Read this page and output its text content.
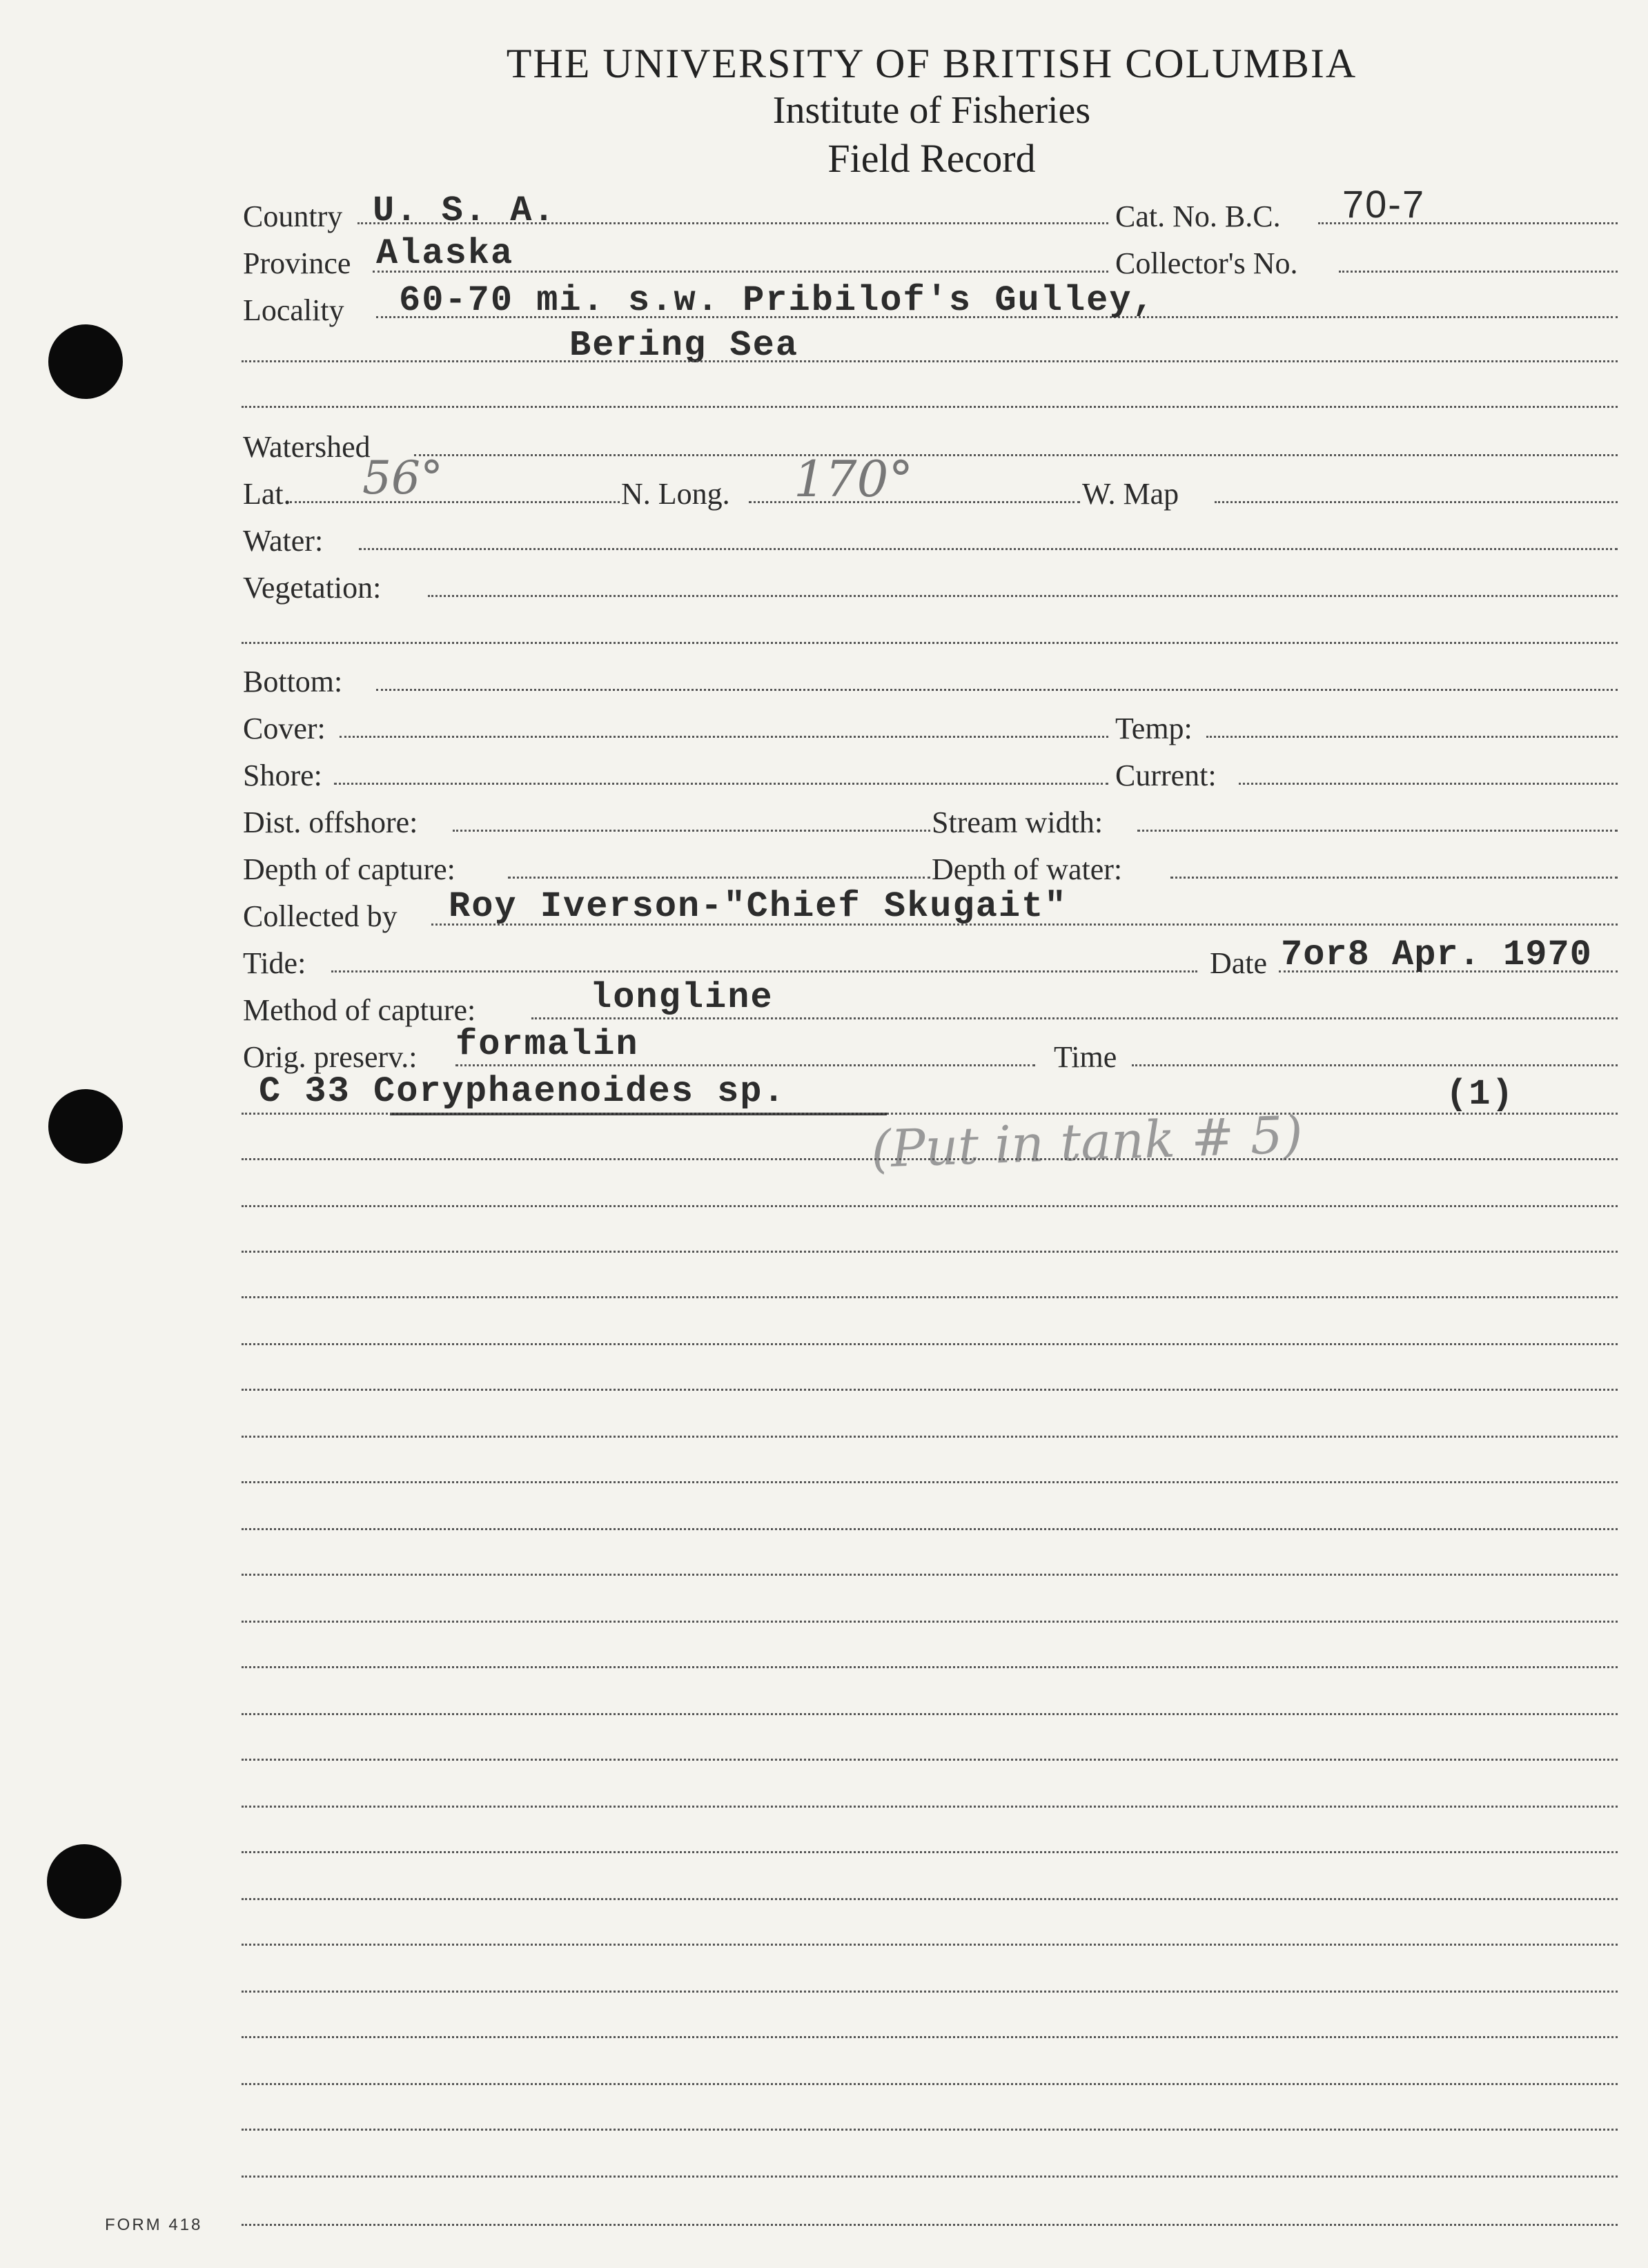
THE UNIVERSITY OF BRITISH COLUMBIA
Institute of Fisheries
Field Record
Country U. S. A.	Cat. No. B.C. 70-7
Province Alaska	Collector's No.
Locality 60-70 mi. s.w. Pribilof's Gulley,
Bering Sea
Watershed
Lat. 56°	N. Long. 170°	W. Map
Water:
Vegetation:
Bottom:
Cover:	Temp:
Shore:	Current:
Dist. offshore:	Stream width:
Depth of capture:	Depth of water:
Collected by Roy Iverson-"Chief Skugait"
Tide:	Date 7or8 Apr. 1970
Method of capture:	longline
Orig. preserv.: formalin	Time
C 33 Coryphaenoides sp.	(1)
(Put in tank # 5)
FORM 418
